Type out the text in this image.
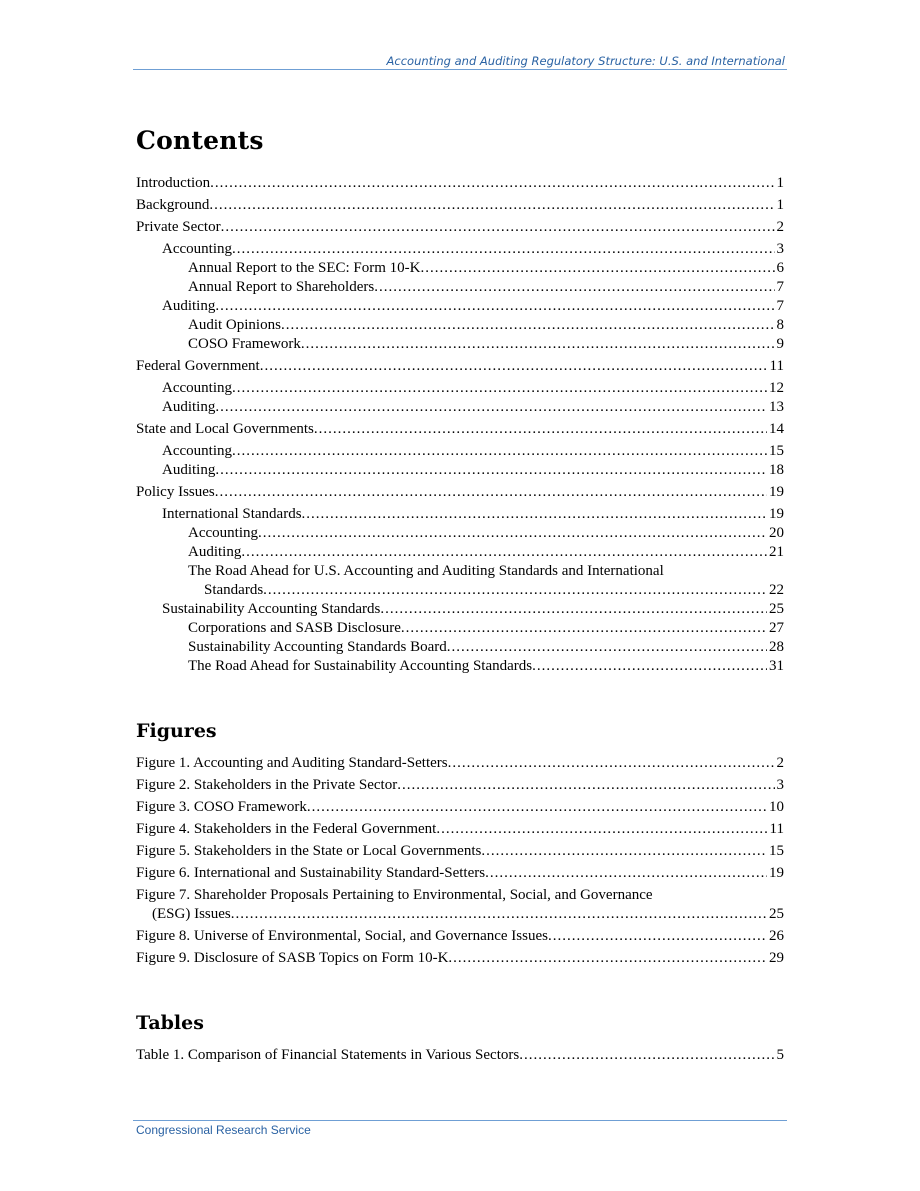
Accounting and Auditing Regulatory Structure: U.S. and International
Contents
Introduction .....	1
Background .....	1
Private Sector .....	2
Accounting .....	3
Annual Report to the SEC: Form 10-K .....	6
Annual Report to Shareholders .....	7
Auditing .....	7
Audit Opinions .....	8
COSO Framework .....	9
Federal Government .....	11
Accounting .....	12
Auditing .....	13
State and Local Governments .....	14
Accounting .....	15
Auditing .....	18
Policy Issues .....	19
International Standards .....	19
Accounting .....	20
Auditing .....	21
The Road Ahead for U.S. Accounting and Auditing Standards and International
Standards .....	22
Sustainability Accounting Standards .....	25
Corporations and SASB Disclosure .....	27
Sustainability Accounting Standards Board .....	28
The Road Ahead for Sustainability Accounting Standards .....	31
Figures
Figure 1. Accounting and Auditing Standard-Setters .....	2
Figure 2. Stakeholders in the Private Sector .....	3
Figure 3. COSO Framework .....	10
Figure 4. Stakeholders in the Federal Government .....	11
Figure 5. Stakeholders in the State or Local Governments .....	15
Figure 6. International and Sustainability Standard-Setters .....	19
Figure 7. Shareholder Proposals Pertaining to Environmental, Social, and Governance
(ESG) Issues .....	25
Figure 8. Universe of Environmental, Social, and Governance Issues .....	26
Figure 9. Disclosure of SASB Topics on Form 10-K .....	29
Tables
Table 1. Comparison of Financial Statements in Various Sectors .....	5
Congressional Research Service
